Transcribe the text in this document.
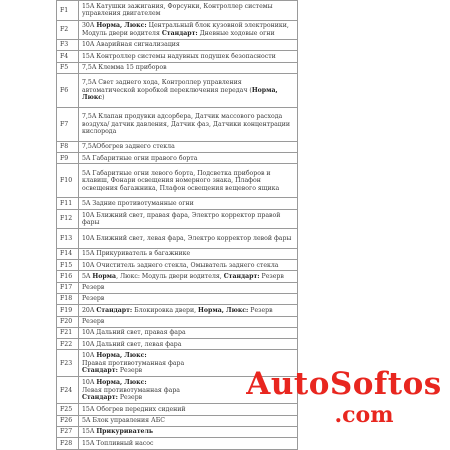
F1	15A Катушки зажигания, Форсунки, Контроллер системы управления двигателем
F2	30A Норма, Люкс: Центральный блок кузовной электроники, Модуль двери водителя Стандарт: Дневные ходовые огни
F3	10A Аварийная сигнализация
F4	15A Контроллер системы надувных подушек безопасности
F5	7,5A Клемма 15 приборов
F6	7,5A Свет заднего хода, Контроллер управления автоматической коробкой переключения передач (Норма, Люкс)
F7	7,5A Клапан продувки адсорбера, Датчик массового расхода воздуха/ датчик давления, Датчик фаз, Датчики концентрации кислорода
F8	7,5AОбогрев заднего стекла
F9	5A Габаритные огни правого борта
F10	5A Габаритные огни левого борта, Подсветка приборов и клавиш, Фонари освещения номерного знака, Плафон освещения багажника, Плафон освещения вещевого ящика
F11	5A Задние противотуманные огни
F12	10A Ближний свет, правая фара, Электро корректор правой фары
F13	10A Ближний свет, левая фара, Электро корректор левой фары
F14	15A Прикуриватель в багажнике
F15	10A Очиститель заднего стекла, Омыватель заднего стекла
F16	5A Норма, Люкс: Модуль двери водителя, Стандарт: Резерв
F17	Резерв
F18	Резерв
F19	20A Стандарт: Блокировка двери, Норма, Люкс: Резерв
F20	Резерв
F21	10A Дальний свет, правая фара
F22	10A Дальний свет, левая фара
F23	10A Норма, Люкс:
Правая противотуманная фара
Стандарт: Резерв
F24	10A Норма, Люкс:
Левая противотуманная фара
Стандарт: Резерв
F25	15A Обогрев передних сидений
F26	5A Блок управления АБС
F27	15A Прикуриватель
F28	15A Топливный насос
AutoSoftos
.com
